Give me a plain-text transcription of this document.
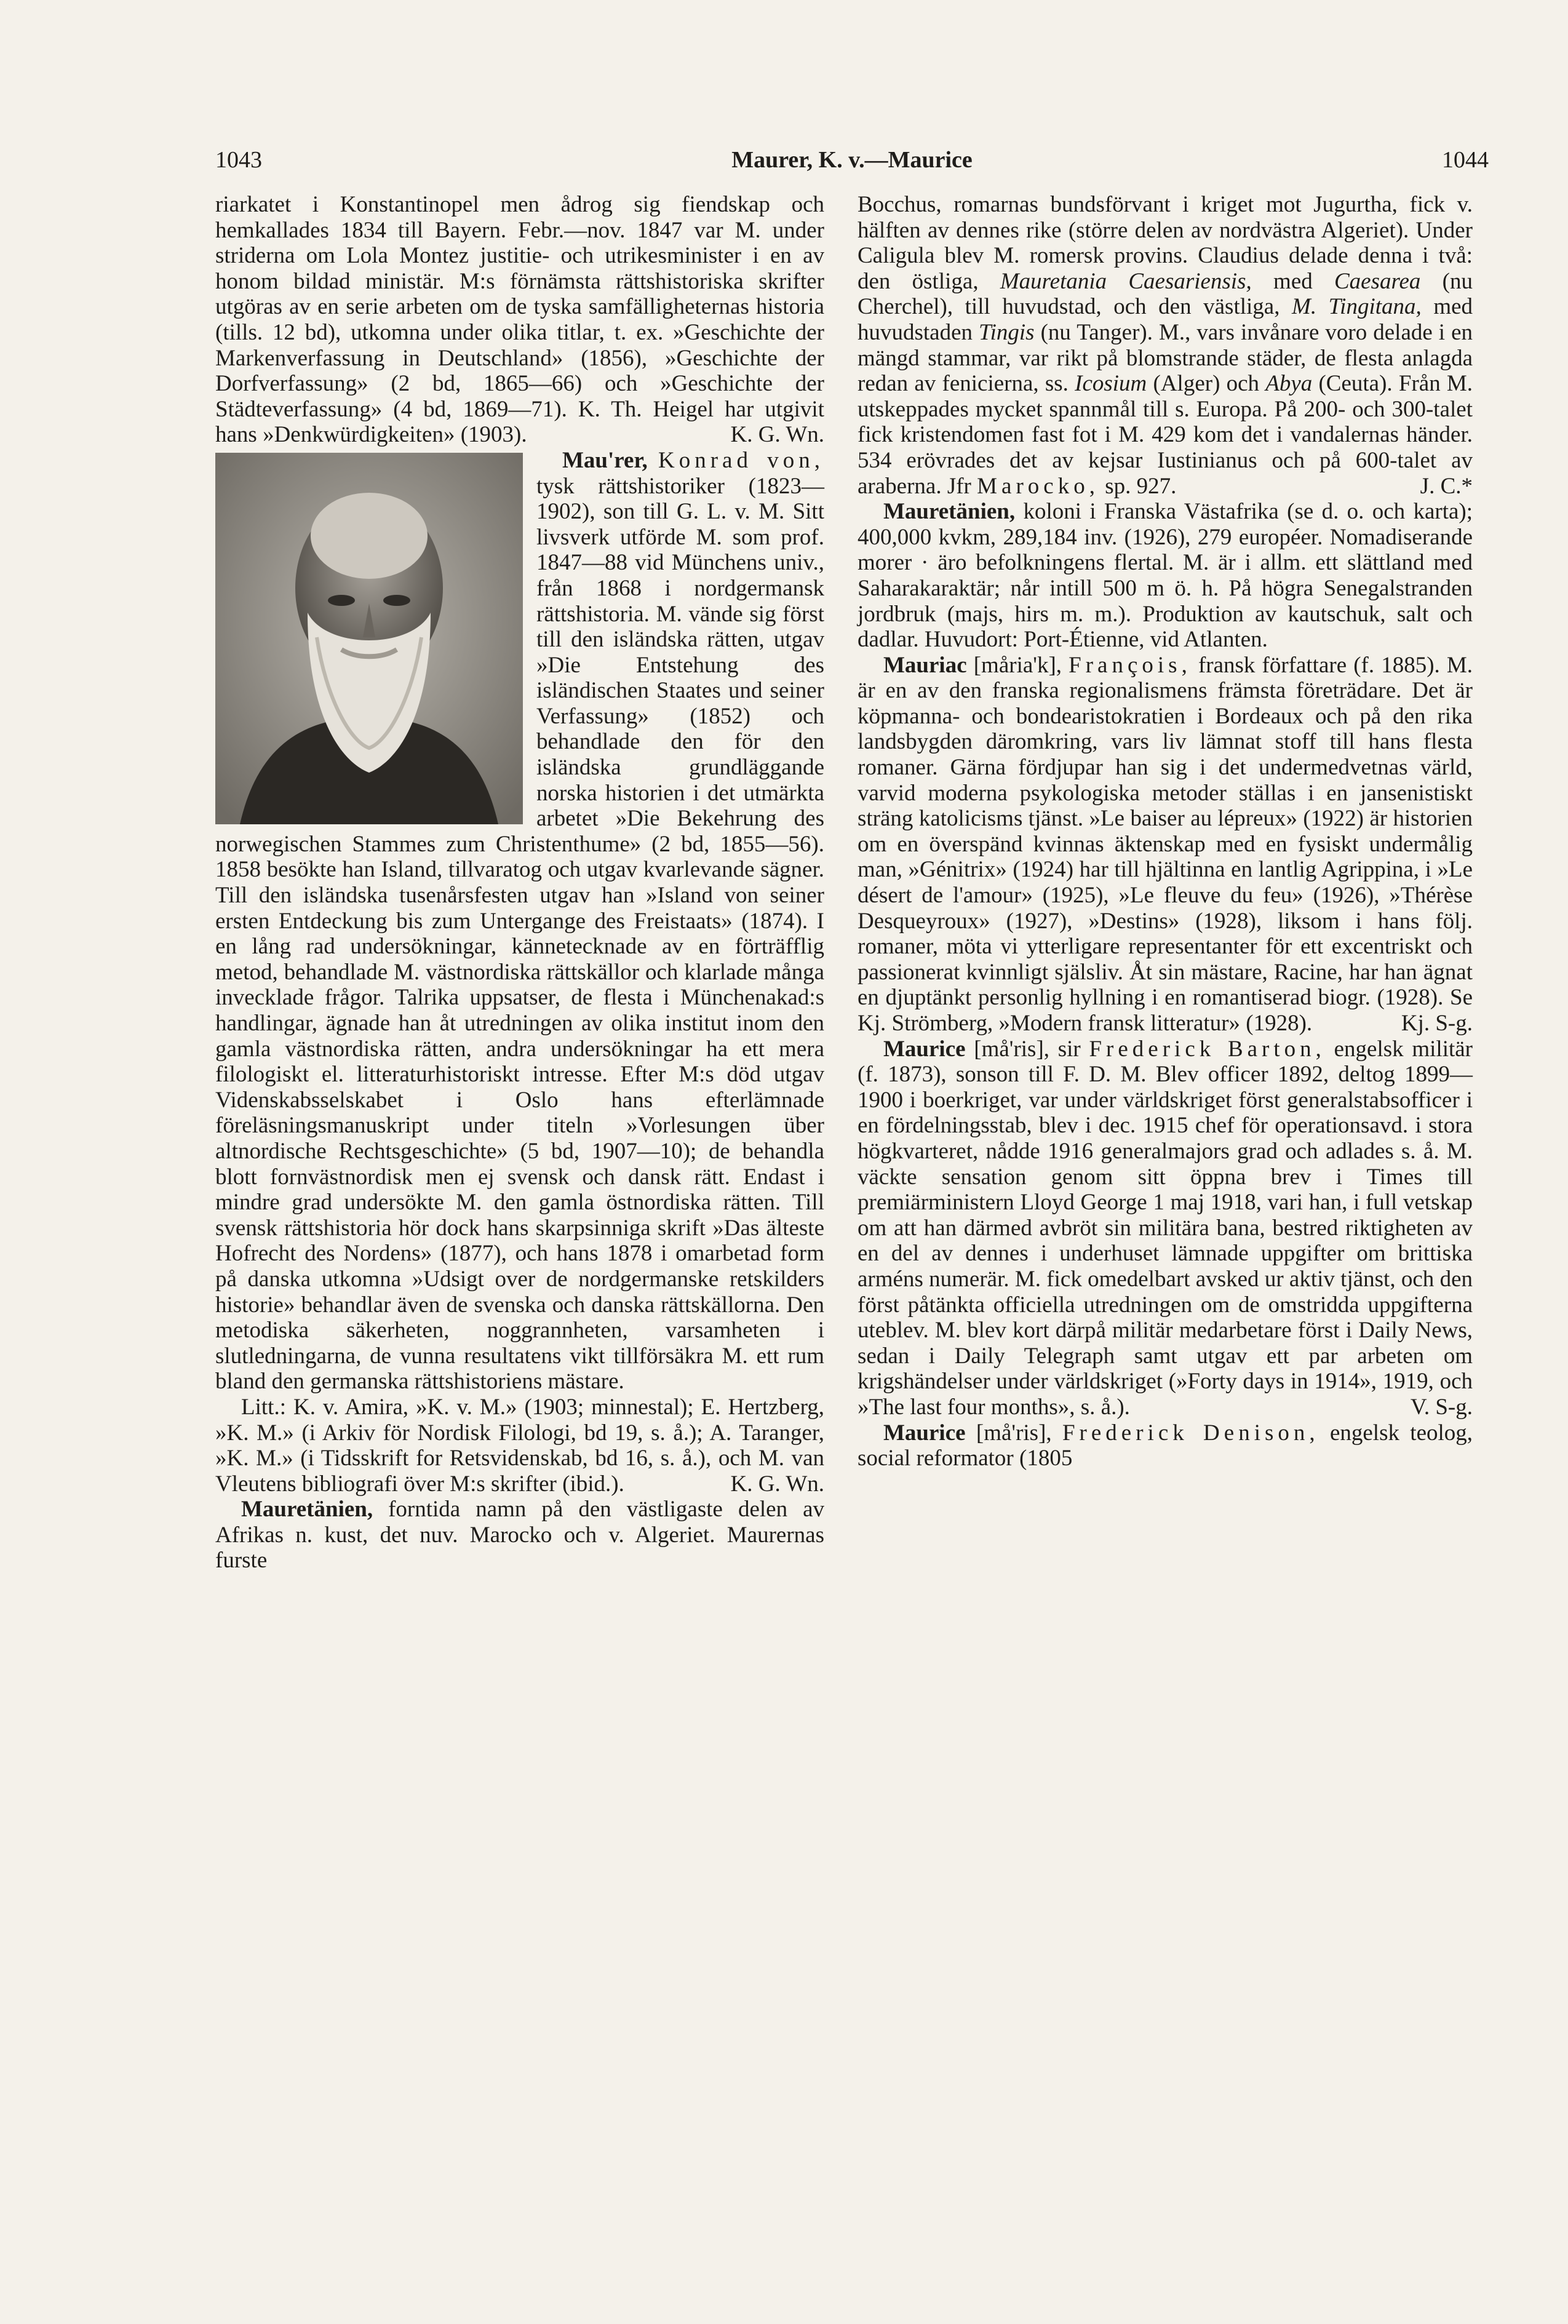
1043	Maurer, K. v.—Maurice	1044

riarkatet i Konstantinopel men ådrog sig fiendskap och hemkallades 1834 till Bayern. Febr.—nov. 1847 var M. under striderna om Lola Montez justitie- och utrikesminister i en av honom bildad ministär. M:s förnämsta rättshistoriska skrifter utgöras av en serie arbeten om de tyska samfälligheternas historia (tills. 12 bd), utkomna under olika titlar, t. ex. »Geschichte der Markenverfassung in Deutschland» (1856), »Geschichte der Dorfverfassung» (2 bd, 1865—66) och »Geschichte der Städteverfassung» (4 bd, 1869—71). K. Th. Heigel har utgivit hans »Denkwürdigkeiten» (1903).	K. G. Wn.

Mau'rer, Konrad von,
tysk rättshistoriker (1823—1902), son till G. L. v. M. Sitt livsverk utförde M. som prof. 1847—88 vid Münchens univ., från 1868 i nordgermansk rättshistoria. M. vände sig först till den isländska rätten, utgav »Die Entstehung des isländischen Staates und seiner Verfassung» (1852) och behandlade den för den isländska grundläggande norska historien i det utmärkta arbetet »Die Bekehrung des norwegischen Stammes zum Christenthume» (2 bd, 1855—56). 1858 besökte han Island, tillvaratog och utgav kvarlevande sägner. Till den isländska tusenårsfesten utgav han »Island von seiner ersten Entdeckung bis zum Untergange des Freistaats» (1874). I en lång rad undersökningar, kännetecknade av en förträfflig metod, behandlade M. västnordiska rättskällor och klarlade många invecklade frågor. Talrika uppsatser, de flesta i Münchenakad:s handlingar, ägnade han åt utredningen av olika institut inom den gamla västnordiska rätten, andra undersökningar ha ett mera filologiskt el. litteraturhistoriskt intresse. Efter M:s död utgav Videnskabsselskabet i Oslo hans efterlämnade föreläsningsmanuskript under titeln »Vorlesungen über altnordische Rechtsgeschichte» (5 bd, 1907—10); de behandla blott fornvästnordisk men ej svensk och dansk rätt. Endast i mindre grad undersökte M. den gamla östnordiska rätten. Till svensk rättshistoria hör dock hans skarpsinniga skrift »Das älteste Hofrecht des Nordens» (1877), och hans 1878 i omarbetad form på danska utkomna »Udsigt over de nordgermanske retskilders historie» behandlar även de svenska och danska rättskällorna. Den metodiska säkerheten, noggrannheten, varsamheten i slutledningarna, de vunna resultatens vikt tillförsäkra M. ett rum bland den germanska rättshistoriens mästare.

Litt.: K. v. Amira, »K. v. M.» (1903; minnestal); E. Hertzberg, »K. M.» (i Arkiv för Nordisk Filologi, bd 19, s. å.); A. Taranger, »K. M.» (i Tidsskrift for Retsvidenskab, bd 16, s. å.), och M. van Vleutens bibliografi över M:s skrifter (ibid.).	K. G. Wn.

Mauretänien, forntida namn på den västligaste delen av Afrikas n. kust, det nuv. Marocko och v. Algeriet. Maurernas furste

Bocchus, romarnas bundsförvant i kriget mot Jugurtha, fick v. hälften av dennes rike (större delen av nordvästra Algeriet). Under Caligula blev M. romersk provins. Claudius delade denna i två: den östliga, Mauretania Caesariensis, med Caesarea (nu Cherchel), till huvudstad, och den västliga, M. Tingitana, med huvudstaden Tingis (nu Tanger). M., vars invånare voro delade i en mängd stammar, var rikt på blomstrande städer, de flesta anlagda redan av fenicierna, ss. Icosium (Alger) och Abya (Ceuta). Från M. utskeppades mycket spannmål till s. Europa. På 200- och 300-talet fick kristendomen fast fot i M. 429 kom det i vandalernas händer. 534 erövrades det av kejsar Iustinianus och på 600-talet av araberna. Jfr Marocko, sp. 927.	J. C.*

Mauretänien, koloni i Franska Västafrika (se d. o. och karta); 400,000 kvkm, 289,184 inv. (1926), 279 européer. Nomadiserande morer · äro befolkningens flertal. M. är i allm. ett slättland med Saharakaraktär; når intill 500 m ö. h. På högra Senegalstranden jordbruk (majs, hirs m. m.). Produktion av kautschuk, salt och dadlar. Huvudort: Port-Étienne, vid Atlanten.

Mauriac [måria'k], François, fransk författare (f. 1885). M. är en av den franska regionalismens främsta företrädare. Det är köpmanna- och bondearistokratien i Bordeaux och på den rika landsbygden däromkring, vars liv lämnat stoff till hans flesta romaner. Gärna fördjupar han sig i det undermedvetnas värld, varvid moderna psykologiska metoder ställas i en jansenistiskt sträng katolicisms tjänst. »Le baiser au lépreux» (1922) är historien om en överspänd kvinnas äktenskap med en fysiskt undermålig man, »Génitrix» (1924) har till hjältinna en lantlig Agrippina, i »Le désert de l'amour» (1925), »Le fleuve du feu» (1926), »Thérèse Desqueyroux» (1927), »Destins» (1928), liksom i hans följ. romaner, möta vi ytterligare representanter för ett excentriskt och passionerat kvinnligt själsliv. Åt sin mästare, Racine, har han ägnat en djuptänkt personlig hyllning i en romantiserad biogr. (1928). Se Kj. Strömberg, »Modern fransk litteratur» (1928).	Kj. S-g.

Maurice [må'ris], sir Frederick Barton, engelsk militär (f. 1873), sonson till F. D. M. Blev officer 1892, deltog 1899—1900 i boerkriget, var under världskriget först generalstabsofficer i en fördelningsstab, blev i dec. 1915 chef för operationsavd. i stora högkvarteret, nådde 1916 generalmajors grad och adlades s. å. M. väckte sensation genom sitt öppna brev i Times till premiärministern Lloyd George 1 maj 1918, vari han, i full vetskap om att han därmed avbröt sin militära bana, bestred riktigheten av en del av dennes i underhuset lämnade uppgifter om brittiska arméns numerär. M. fick omedelbart avsked ur aktiv tjänst, och den först påtänkta officiella utredningen om de omstridda uppgifterna uteblev. M. blev kort därpå militär medarbetare först i Daily News, sedan i Daily Telegraph samt utgav ett par arbeten om krigshändelser under världskriget (»Forty days in 1914», 1919, och »The last four months», s. å.).	V. S-g.

Maurice [må'ris], Frederick Denison, engelsk teolog, social reformator (1805
